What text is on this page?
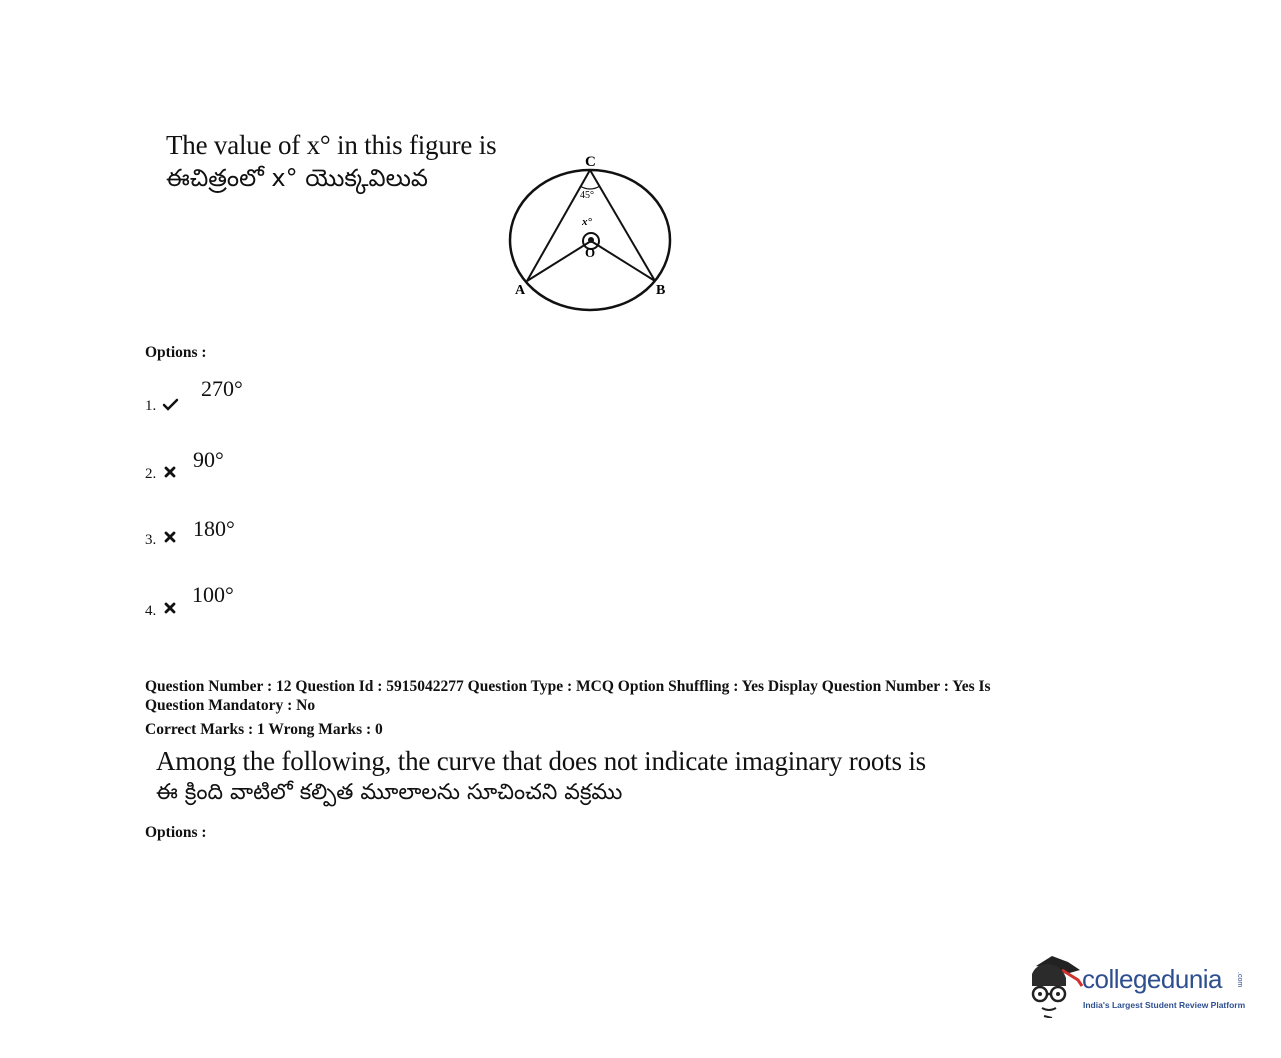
The value of x° in this figure is
ఈచిత్రంలో x° యొక్కవిలువ
C
45°
x°
O
A	B
Options :
1.
270°
2.
90°
3. 180°
4.
100°
Question Number : 12 Question Id : 5915042277 Question Type : MCQ Option Shuffling : Yes Display Question Number : Yes Is
Question Mandatory : No
Correct Marks : 1 Wrong Marks : 0
Among the following, the curve that does not indicate imaginary roots is
ఈ క్రింది వాటిలో కల్పిత మూలాలను సూచించని వక్రము
Options :
collegedunia .com
India's Largest Student Review Platform
